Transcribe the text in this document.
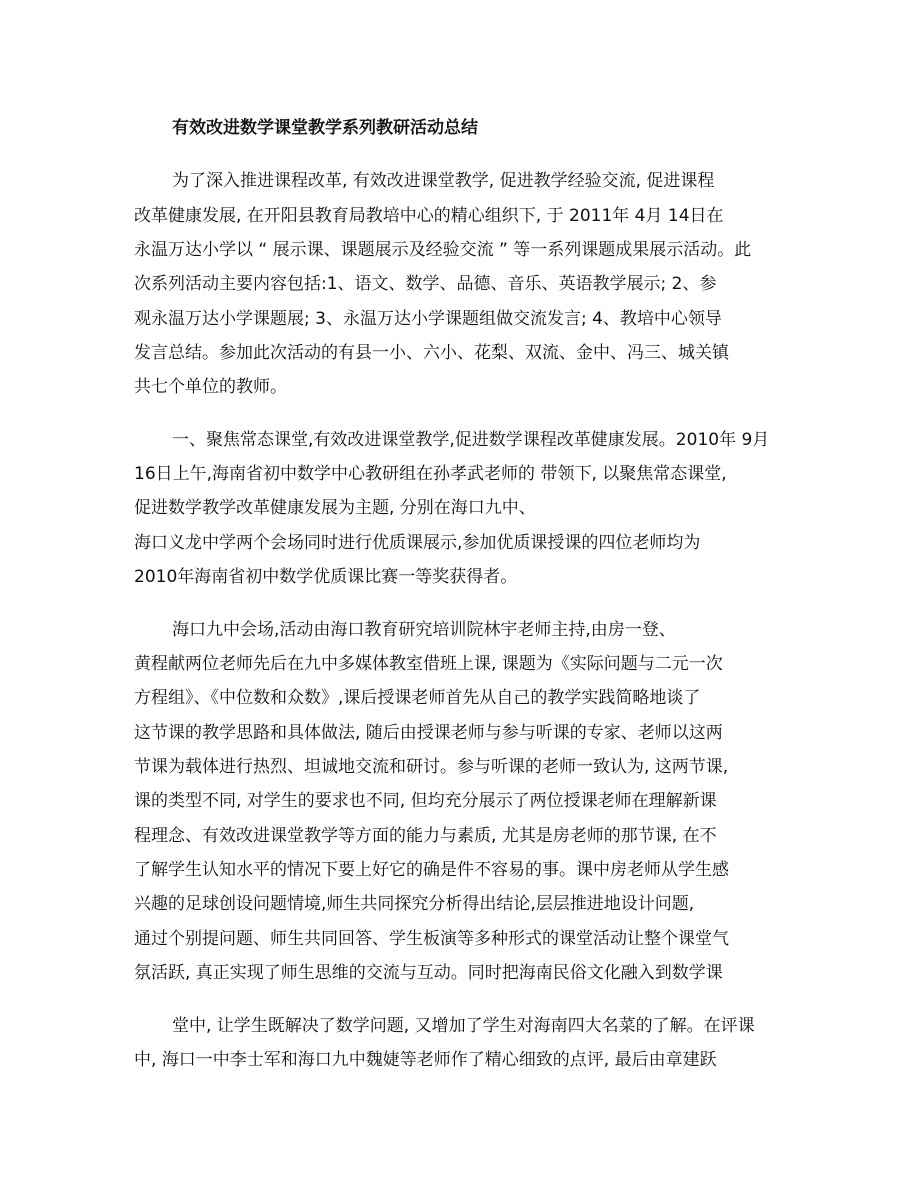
有效改进数学课堂教学系列教研活动总结
为了深入推进课程改革, 有效改进课堂教学, 促进教学经验交流, 促进课程
改革健康发展, 在开阳县教育局教培中心的精心组织下, 于 2011年 4月 14日在
永温万达小学以 “ 展示课、课题展示及经验交流 ” 等一系列课题成果展示活动。此
次系列活动主要内容包括:1、语文、数学、品德、音乐、英语教学展示; 2、参
观永温万达小学课题展; 3、永温万达小学课题组做交流发言; 4、教培中心领导
发言总结。参加此次活动的有县一小、六小、花梨、双流、金中、冯三、城关镇
共七个单位的教师。
一、聚焦常态课堂,有效改进课堂教学,促进数学课程改革健康发展。2010年 9月
16日上午,海南省初中数学中心教研组在孙孝武老师的 带领下, 以聚焦常态课堂,
促进数学教学改革健康发展为主题, 分别在海口九中、
海口义龙中学两个会场同时进行优质课展示,参加优质课授课的四位老师均为
2010年海南省初中数学优质课比赛一等奖获得者。
海口九中会场,活动由海口教育研究培训院林宇老师主持,由房一登、
黄程献两位老师先后在九中多媒体教室借班上课, 课题为《实际问题与二元一次
方程组》、《中位数和众数》,课后授课老师首先从自己的教学实践简略地谈了
这节课的教学思路和具体做法, 随后由授课老师与参与听课的专家、老师以这两
节课为载体进行热烈、坦诚地交流和研讨。参与听课的老师一致认为, 这两节课,
课的类型不同, 对学生的要求也不同, 但均充分展示了两位授课老师在理解新课
程理念、有效改进课堂教学等方面的能力与素质, 尤其是房老师的那节课, 在不
了解学生认知水平的情况下要上好它的确是件不容易的事。课中房老师从学生感
兴趣的足球创设问题情境,师生共同探究分析得出结论,层层推进地设计问题,
通过个别提问题、师生共同回答、学生板演等多种形式的课堂活动让整个课堂气
氛活跃, 真正实现了师生思维的交流与互动。同时把海南民俗文化融入到数学课
堂中, 让学生既解决了数学问题, 又增加了学生对海南四大名菜的了解。在评课
中, 海口一中李士军和海口九中魏婕等老师作了精心细致的点评, 最后由章建跃
